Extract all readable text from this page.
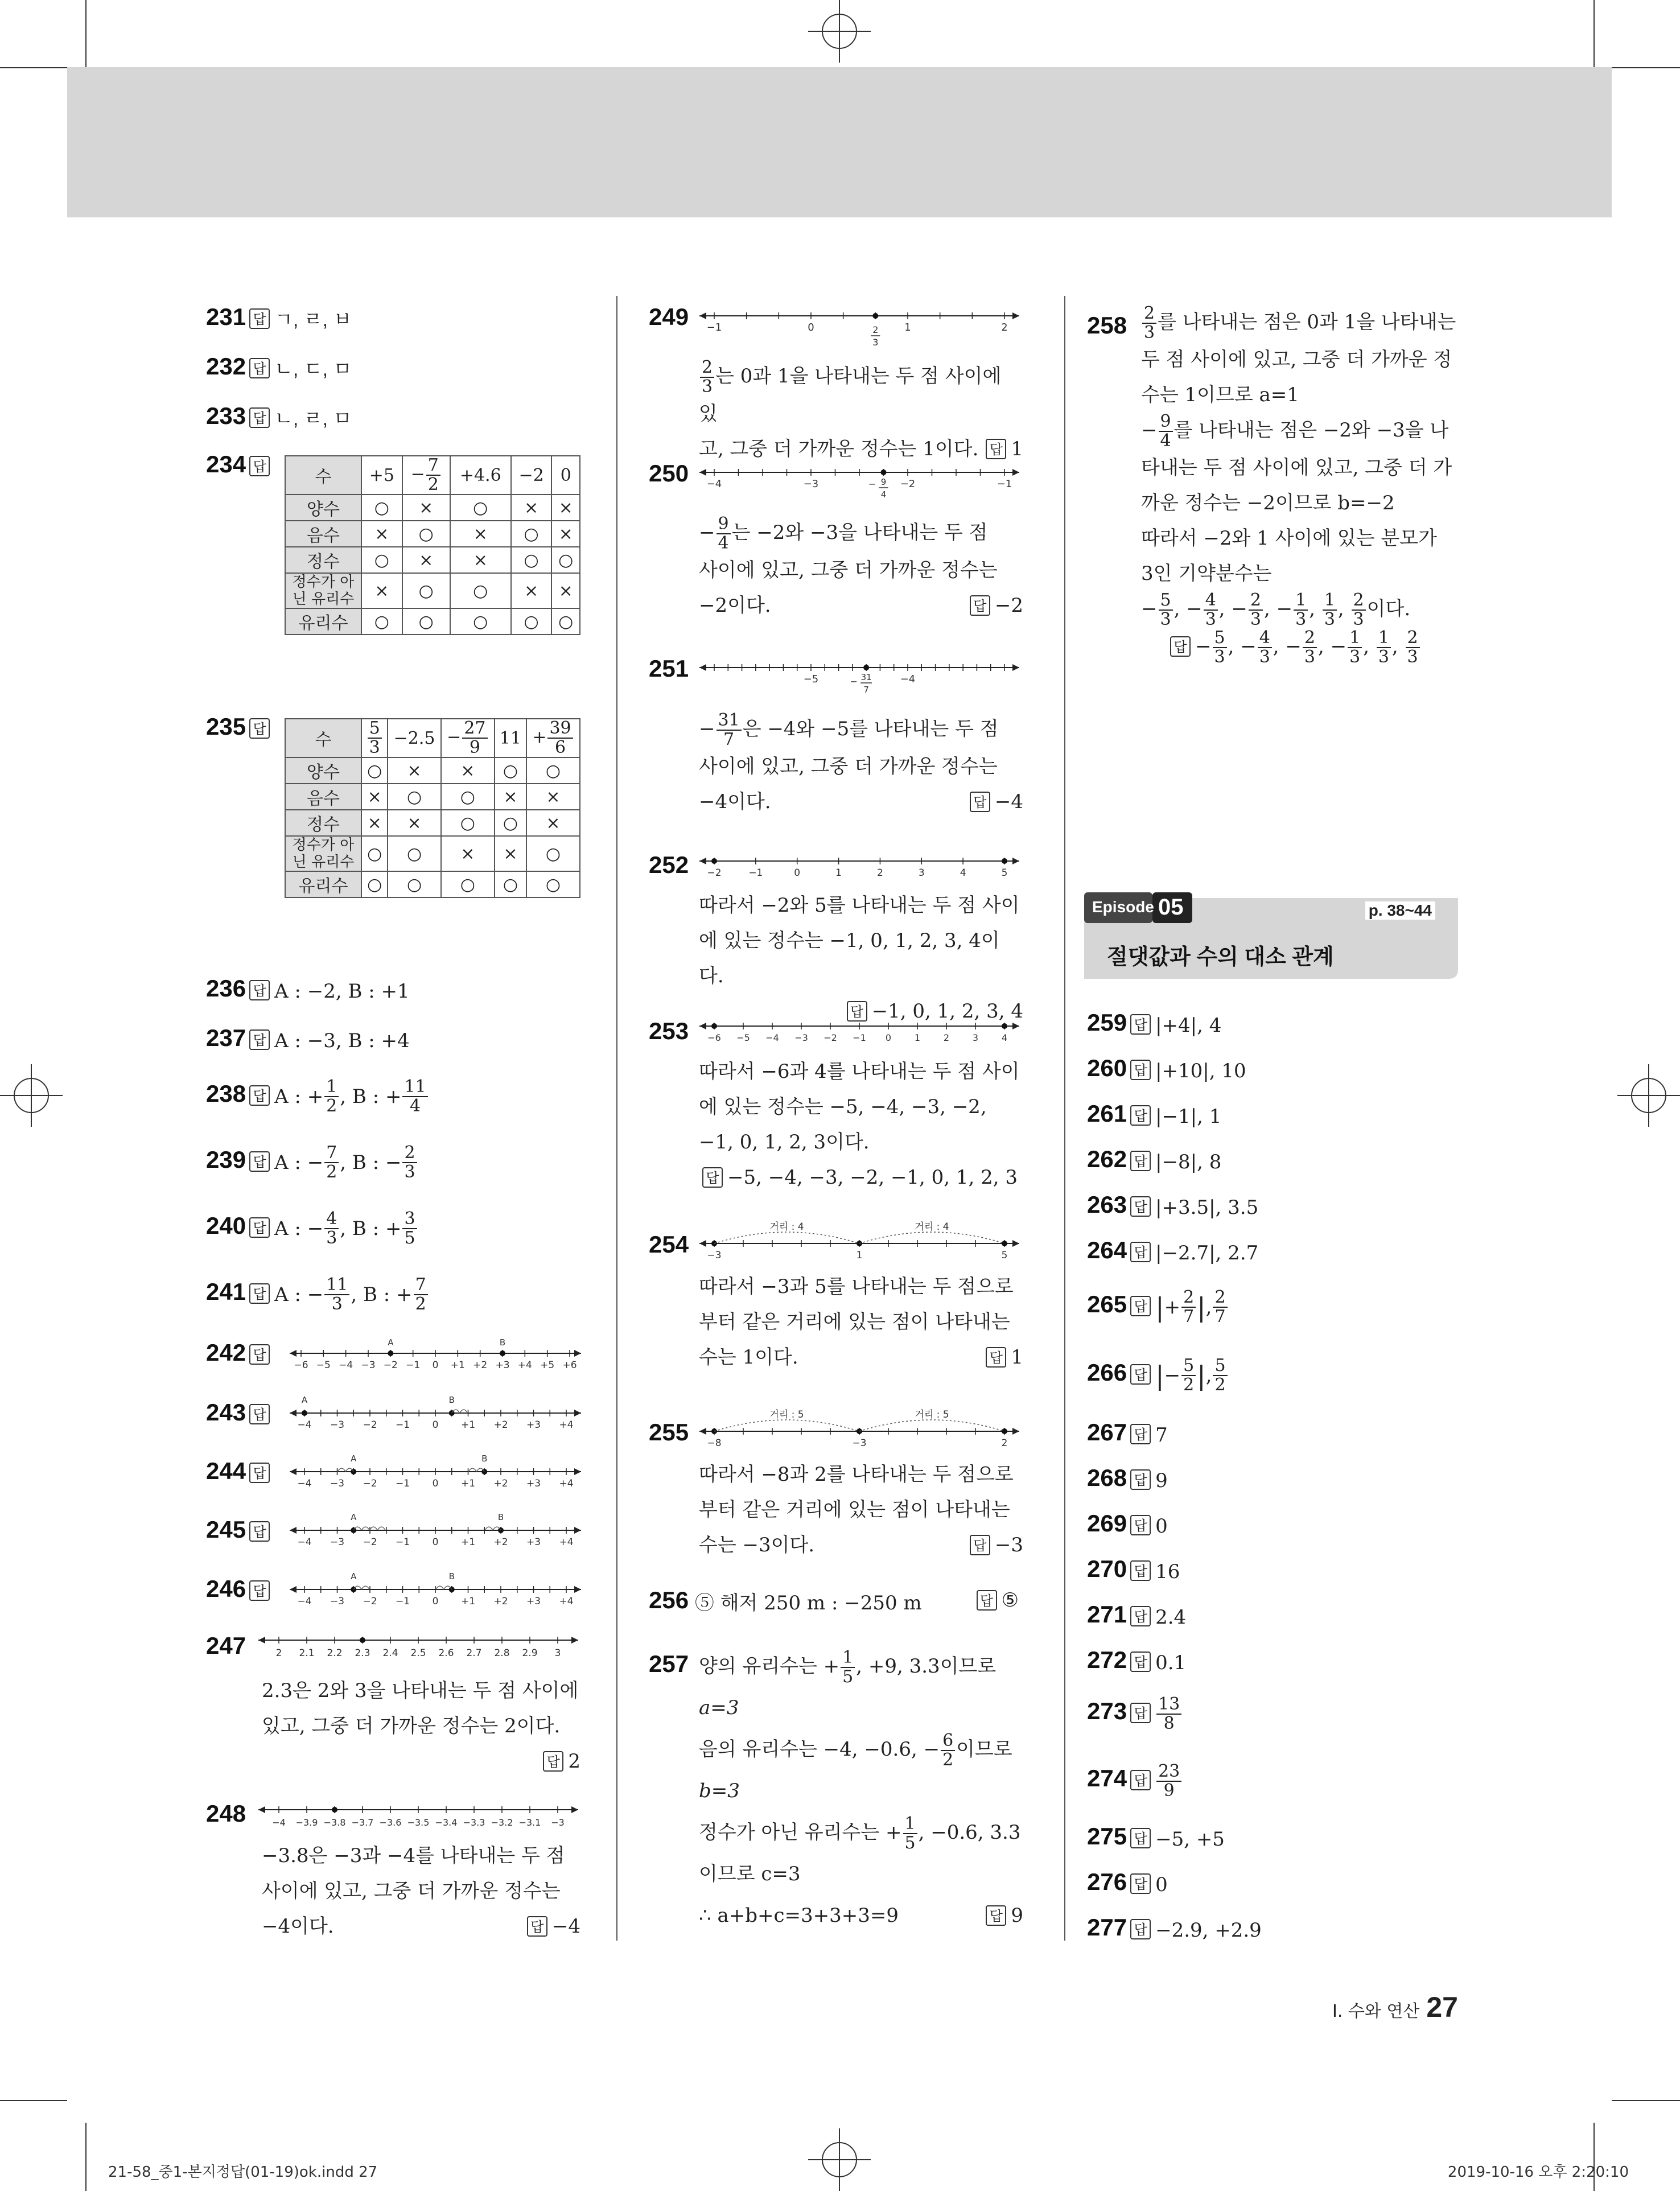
231 답 ㄱ, ㄹ, ㅂ
232 답 ㄴ, ㄷ, ㅁ
233 답 ㄴ, ㄹ, ㅁ
234 답
수	+5	− $\frac{7}{2}$	+4.6	−2	0
양수	○	×	○	×	×
음수	×	○	×	○	×
정수	○	×	×	○	○
정수가 아닌 유리수	×	○	○	×	×
유리수	○	○	○	○	○
235 답
수	$\frac{5}{3}$	−2.5	− $\frac{27}{9}$	11	+ $\frac{39}{6}$

양수	○	×	×	○	○
음수	×	○	○	×	×
정수	×	×	○	○	×
정수가 아닌 유리수	○	○	×	×	○
유리수	○	○	○	○	○
236 답 A : −2, B : +1
237 답 A : −3, B : +4
238 답 A : + $\frac{1}{2}$ , B : + $\frac{11}{4}$
239 답 A : − $\frac{7}{2}$ , B : − $\frac{2}{3}$
240 답 A : − $\frac{4}{3}$ , B : + $\frac{3}{5}$
241 답 A : − $\frac{11}{3}$ , B : + $\frac{7}{2}$
242 답
−6 −5 −4 −3 −2 −1 0 +1 +2 +3 +4 +5 +6
A	B
243 답
−4 −3 −2 −1 0 +1 +2 +3 +4
A	B
244 답
−4 −3 −2 −1 0 +1 +2 +3 +4
A	B
245 답
−4 −3 −2 −1 0 +1 +2 +3 +4
A	B
246 답
−4 −3 −2 −1 0 +1 +2 +3 +4
A	B
247	2 2.1 2.2 2.3 2.4 2.5 2.6 2.7 2.8 2.9 3
2.3은 2와 3을 나타내는 두 점 사이에
있고, 그중 더 가까운 정수는 2이다.
답 2
248	−4 −3.9 −3.8 −3.7 −3.6 −3.5 −3.4 −3.3 −3.2 −3.1 −3
−3.8은 −3과 −4를 나타내는 두 점
사이에 있고, 그중 더 가까운 정수는
−4이다.	답 −4
249 −1	0	1	2
2
3
$\frac{2}{3}$ 는 0과 1을 나타내는 두 점 사이에 있
고, 그중 더 가까운 정수는 1이다. 답 1
250 −4	−3	−2	−1
− 9
4
− $\frac{9}{4}$ 는 −2와 −3을 나타내는 두 점
사이에 있고, 그중 더 가까운 정수는
−2이다.	답 −2
251	−5	−4
− 31
7
− $\frac{31}{7}$ 은 −4와 −5를 나타내는 두 점
사이에 있고, 그중 더 가까운 정수는
−4이다.	답 −4
252 −2	−1	0	1	2	3	4	5
따라서 −2와 5를 나타내는 두 점 사이
에 있는 정수는 −1, 0, 1, 2, 3, 4이다.
답 −1, 0, 1, 2, 3, 4
253 −6 −5 −4 −3 −2 −1 0	1	2	3	4
따라서 −6과 4를 나타내는 두 점 사이
에 있는 정수는 −5, −4, −3, −2,
−1, 0, 1, 2, 3이다.
답 −5, −4, −3, −2, −1, 0, 1, 2, 3
254 −3	1	5
거리 : 4	거리 : 4
따라서 −3과 5를 나타내는 두 점으로
부터 같은 거리에 있는 점이 나타내는
수는 1이다.	답 1
255 −8	−3	2
거리 : 5	거리 : 5
따라서 −8과 2를 나타내는 두 점으로
부터 같은 거리에 있는 점이 나타내는
수는 −3이다.	답 −3
256 ⑤ 해저 250 m : −250 m	답 ⑤
257 양의 유리수는 + $\frac{1}{5}$ , +9, 3.3이므로
a=3
음의 유리수는 −4, −0.6, − $\frac{6}{2}$ 이므로
b=3
정수가 아닌 유리수는 + $\frac{1}{5}$ , −0.6, 3.3
이므로 c=3
∴ a+b+c=3+3+3=9	답 9
$258 \frac{2}{3}$ 를 나타내는 점은 0과 1을 나타내는
두 점 사이에 있고, 그중 더 가까운 정
수는 1이므로 a=1
− $\frac{9}{4}$ 를 나타내는 점은 −2와 −3을 나
타내는 두 점 사이에 있고, 그중 더 가
까운 정수는 −2이므로 b=−2
따라서 −2와 1 사이에 있는 분모가
3인 기약분수는
− $\frac{5}{3}$ , − $\frac{4}{3}$ , − $\frac{2}{3}$ , − $\frac{1}{3}$ , $\frac{1}{3}$ , $\frac{2}{3}$ 이다.
답 − $\frac{5}{3}$ , − $\frac{4}{3}$ , − $\frac{2}{3}$ , − $\frac{1}{3}$ , $\frac{1}{3}$ , $\frac{2}{3}$
Episode 05	p. 38~44
절댓값과 수의 대소 관계
259 답 |+4|, 4
260 답 |+10|, 10
261 답 |−1|, 1
262 답 |−8|, 8
263 답 |+3.5|, 3.5
264 답 |−2.7|, 2.7
265 답 |+ $\frac{2}{7}$ |, $\frac{2}{7}$
266 답 |− $\frac{5}{2}$ |, $\frac{5}{2}$
267 답 7
268 답 9
269 답 0
270 답 16
271 답 2.4
272 답 0.1
273 답 $\frac{13}{8}$
274 답 $\frac{23}{9}$
275 답 −5, +5
276 답 0
277 답 −2.9, +2.9
I. 수와 연산 27
21-58_중1-본지정답(01-19)ok.indd 27	2019-10-16 오후 2:20:10
